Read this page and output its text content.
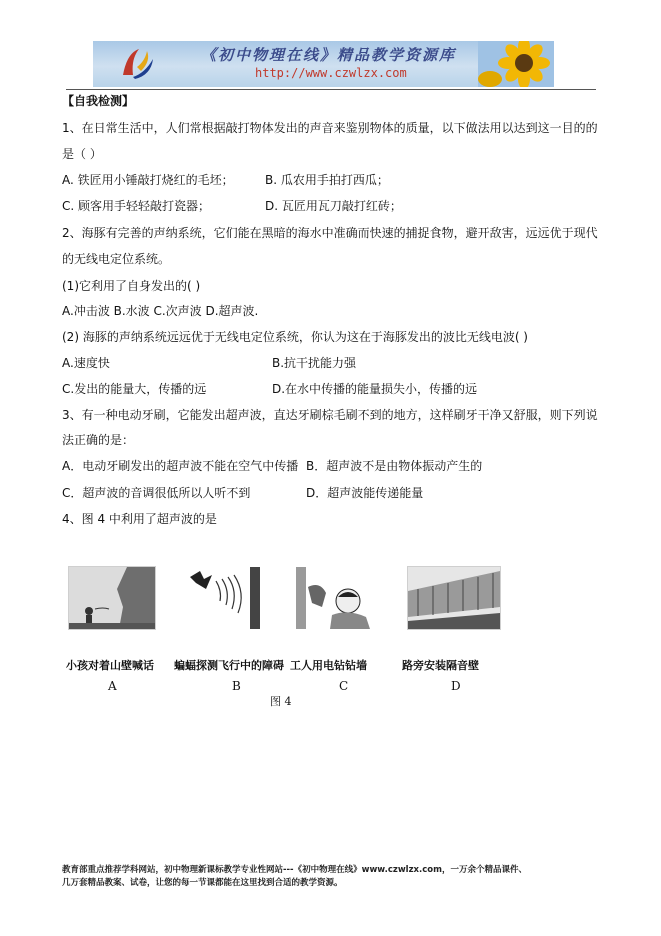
《初中物理在线》精品教学资源库
http://www.czwlzx.com
【自我检测】
1、在日常生活中，人们常根据敲打物体发出的声音来鉴别物体的质量，以下做法用以达到这一目的的
是（ ）
A. 铁匠用小锤敲打烧红的毛坯；	B. 瓜农用手拍打西瓜；
C. 顾客用手轻轻敲打瓷器；	D. 瓦匠用瓦刀敲打红砖；
2、海豚有完善的声纳系统，它们能在黑暗的海水中准确而快速的捕捉食物，避开敌害，远远优于现代
的无线电定位系统。
(1)它利用了自身发出的( )
A.冲击波 B.水波 C.次声波 D.超声波.
(2) 海豚的声纳系统远远优于无线电定位系统，你认为这在于海豚发出的波比无线电波( )
A.速度快	B.抗干扰能力强
C.发出的能量大，传播的远	D.在水中传播的能量损失小，传播的远
3、有一种电动牙刷，它能发出超声波，直达牙刷棕毛刷不到的地方，这样刷牙干净又舒服，则下列说
法正确的是：
A．电动牙刷发出的超声波不能在空气中传播 B．超声波不是由物体振动产生的
C．超声波的音调很低所以人听不到	D．超声波能传递能量
4、图 4 中利用了超声波的是
小孩对着山壁喊话 蝙蝠探测飞行中的障碍 工人用电钻钻墙	路旁安装隔音壁
A	B	C	D
图 4
教育部重点推荐学科网站，初中物理新课标教学专业性网站---《初中物理在线》www.czwlzx.com，一万余个精品课件、
几万套精品教案、试卷，让您的每一节课都能在这里找到合适的教学资源。
